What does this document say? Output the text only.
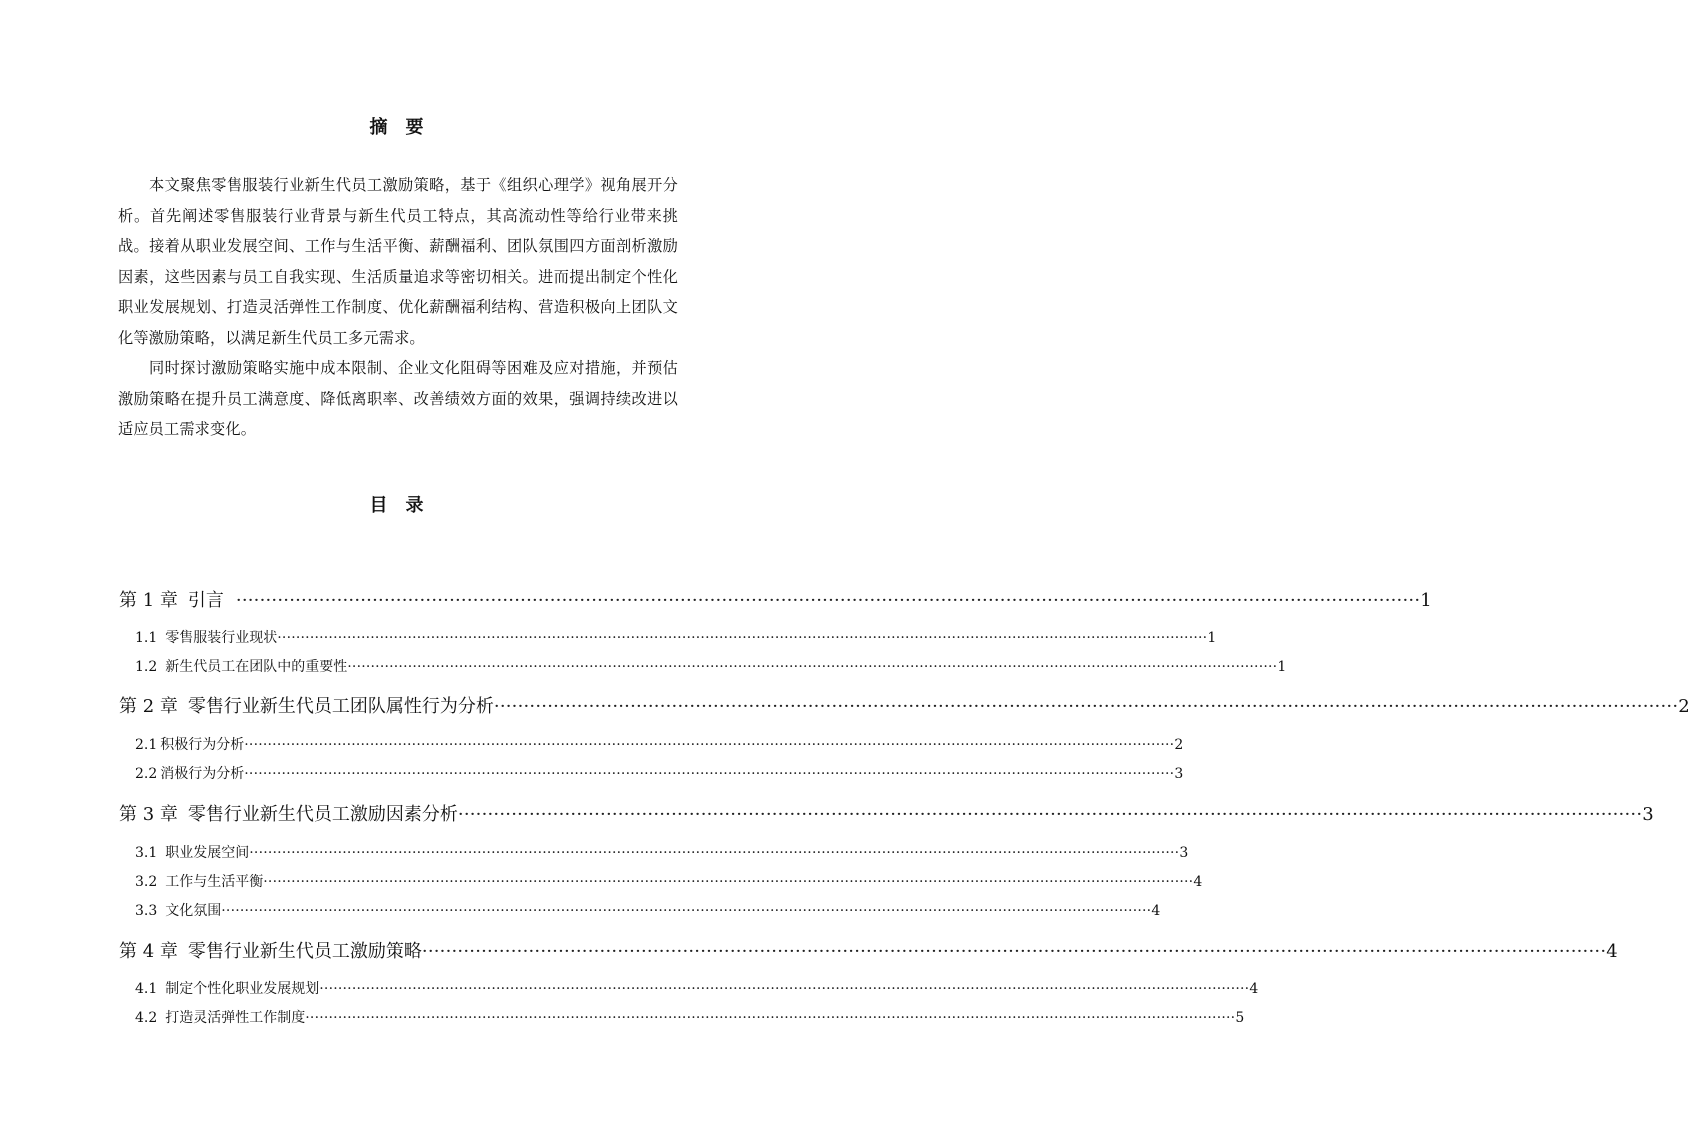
摘 要

本文聚焦零售服装行业新生代员工激励策略，基于《组织心理学》视角展开分析。首先阐述零售服装行业背景与新生代员工特点，其高流动性等给行业带来挑战。接着从职业发展空间、工作与生活平衡、薪酬福利、团队氛围四方面剖析激励因素，这些因素与员工自我实现、生活质量追求等密切相关。进而提出制定个性化职业发展规划、打造灵活弹性工作制度、优化薪酬福利结构、营造积极向上团队文化等激励策略，以满足新生代员工多元需求。

同时探讨激励策略实施中成本限制、企业文化阻碍等困难及应对措施，并预估激励策略在提升员工满意度、降低离职率、改善绩效方面的效果，强调持续改进以适应员工需求变化。

目 录
第 1 章 引言 ········································································································································································································ 1
1.1 零售服装行业现状 ········································································································································································································ 1
1.2 新生代员工在团队中的重要性 ········································································································································································································ 1
第 2 章 零售行业新生代员工团队属性行为分析 ········································································································································································································ 2
2.1 积极行为分析 ········································································································································································································ 2
2.2 消极行为分析 ········································································································································································································ 3
第 3 章 零售行业新生代员工激励因素分析 ········································································································································································································ 3
3.1 职业发展空间 ········································································································································································································ 3
3.2 工作与生活平衡 ········································································································································································································ 4
3.3 文化氛围 ········································································································································································································ 4
第 4 章 零售行业新生代员工激励策略 ········································································································································································································ 4
4.1 制定个性化职业发展规划 ········································································································································································································ 4
4.2 打造灵活弹性工作制度 ········································································································································································································ 5
